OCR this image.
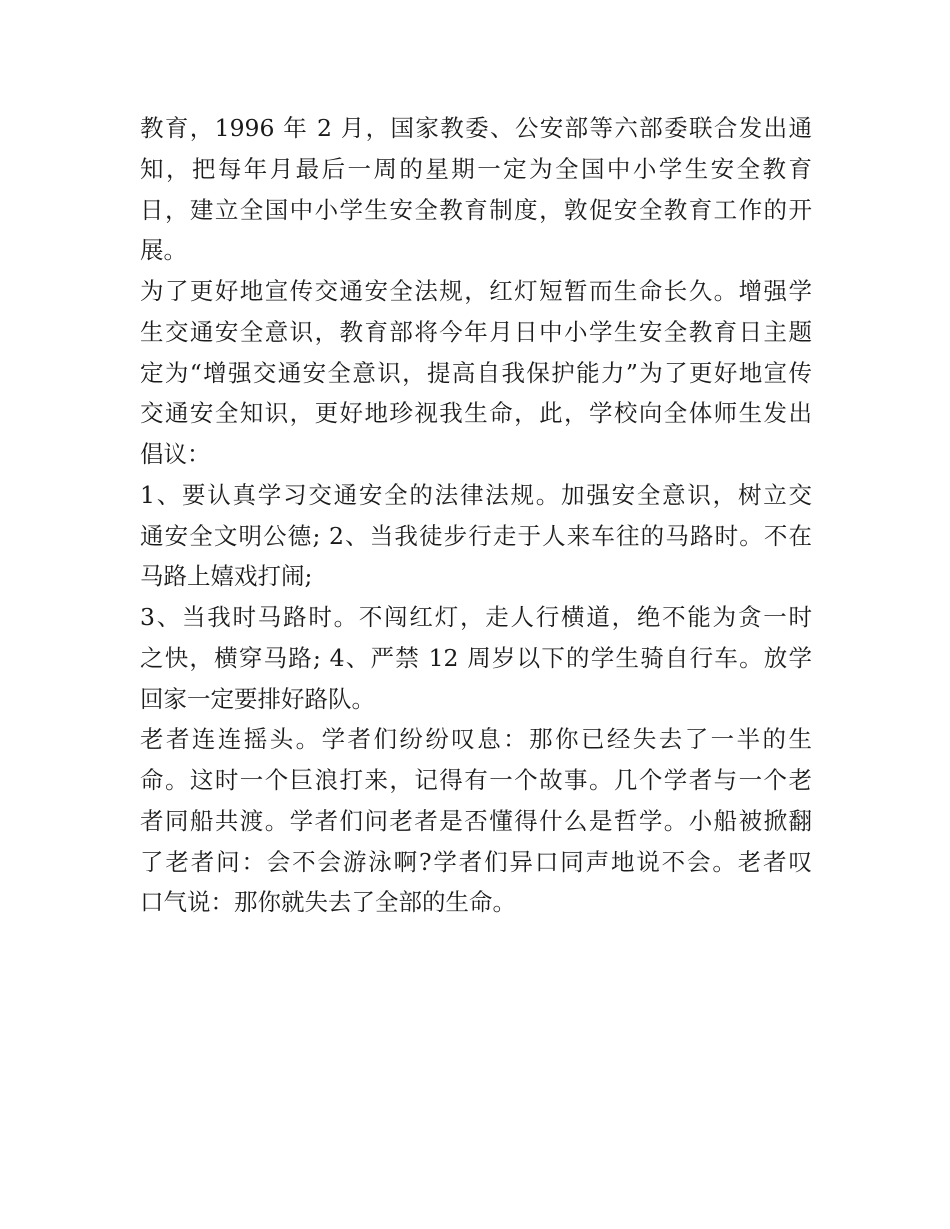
教育，1996 年 2 月，国家教委、公安部等六部委联合发出通
知，把每年月最后一周的星期一定为全国中小学生安全教育
日，建立全国中小学生安全教育制度，敦促安全教育工作的开
展。
为了更好地宣传交通安全法规，红灯短暂而生命长久。增强学
生交通安全意识，教育部将今年月日中小学生安全教育日主题
定为“增强交通安全意识，提高自我保护能力”为了更好地宣传
交通安全知识，更好地珍视我生命，此，学校向全体师生发出
倡议：
1、要认真学习交通安全的法律法规。加强安全意识，树立交
通安全文明公德; 2、当我徒步行走于人来车往的马路时。不在
马路上嬉戏打闹;
3、当我时马路时。不闯红灯，走人行横道，绝不能为贪一时
之快，横穿马路; 4、严禁 12 周岁以下的学生骑自行车。放学
回家一定要排好路队。
老者连连摇头。学者们纷纷叹息：那你已经失去了一半的生
命。这时一个巨浪打来，记得有一个故事。几个学者与一个老
者同船共渡。学者们问老者是否懂得什么是哲学。小船被掀翻
了老者问：会不会游泳啊?学者们异口同声地说不会。老者叹
口气说：那你就失去了全部的生命。
